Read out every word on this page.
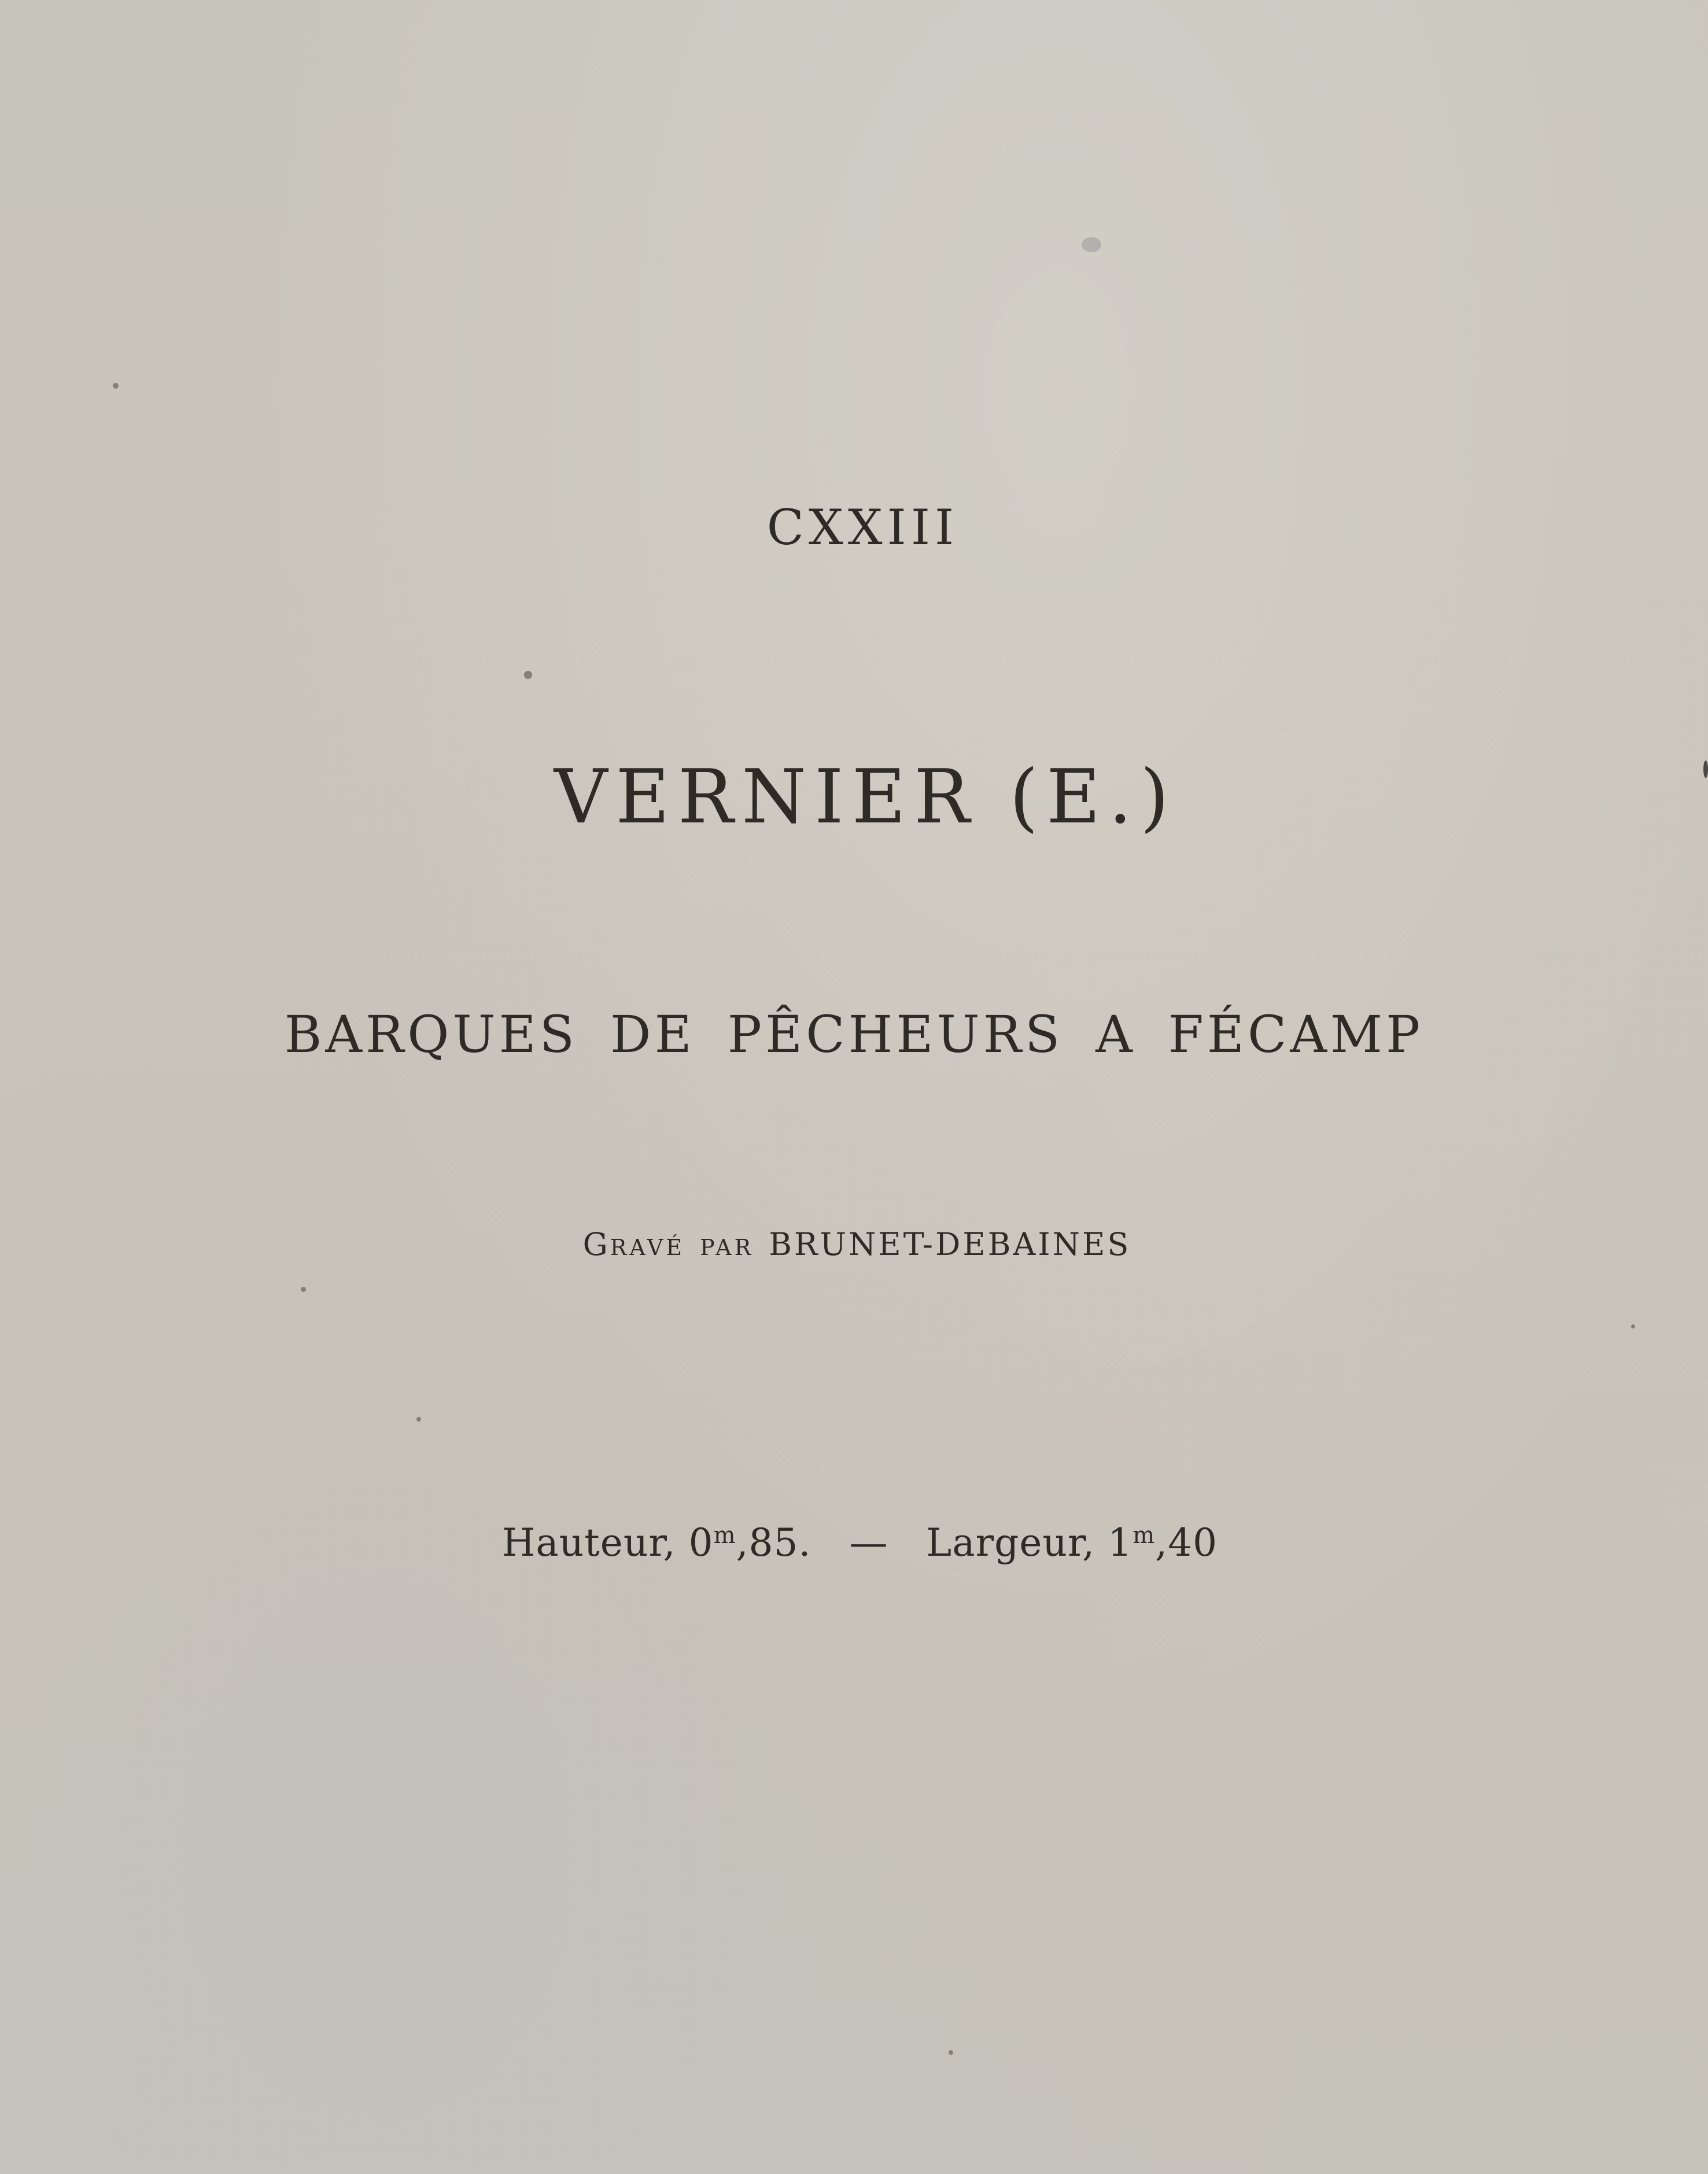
CXXIII
VERNIER (E.)
BARQUES DE PÊCHEURS A FÉCAMP
GRAVÉ PAR BRUNET-DEBAINES
Hauteur, 0$^m$,85. — Largeur, 1$^m$,40
